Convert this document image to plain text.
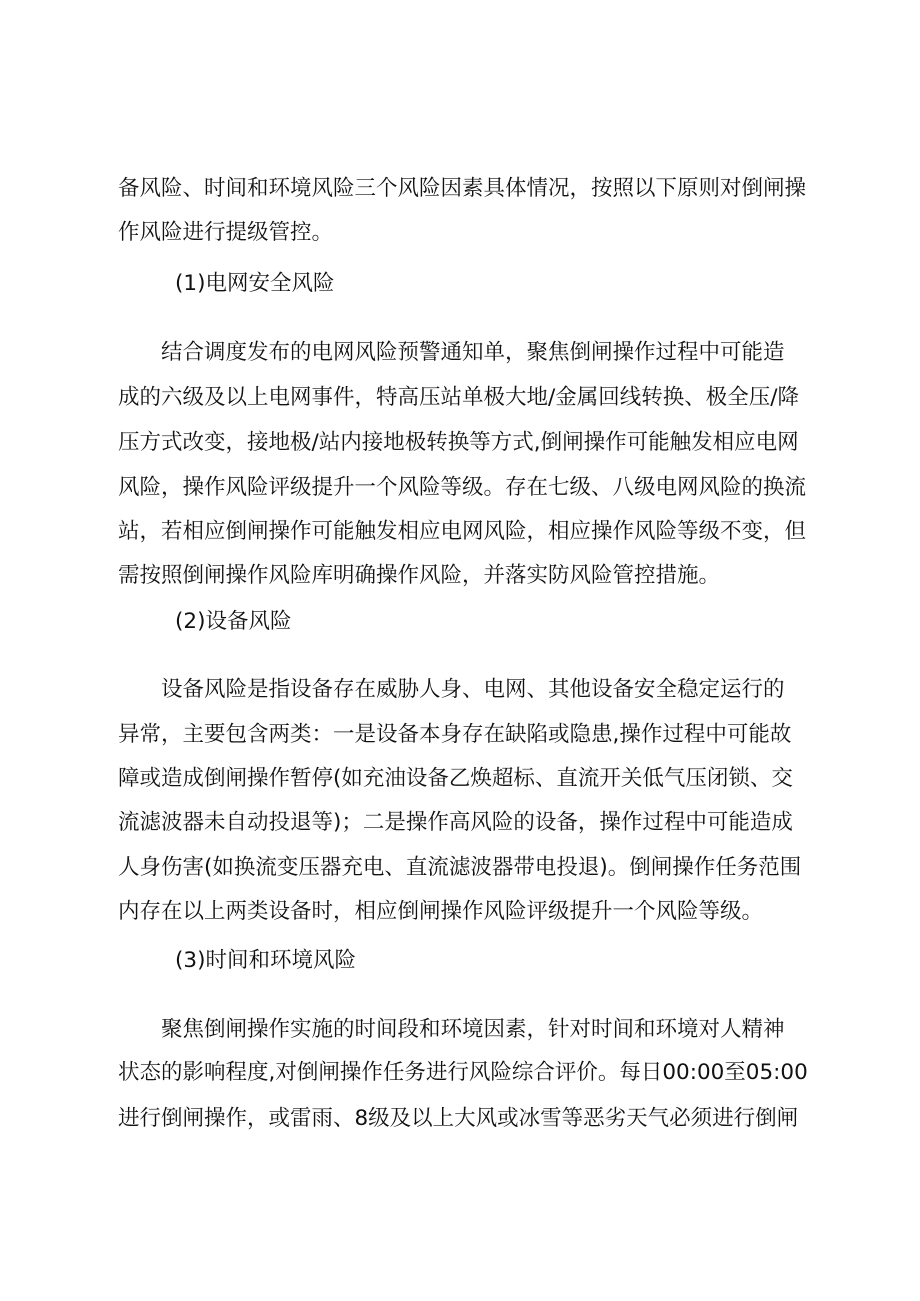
备风险、时间和环境风险三个风险因素具体情况，按照以下原则对倒闸操
作风险进行提级管控。
(1)电网安全风险
　　结合调度发布的电网风险预警通知单，聚焦倒闸操作过程中可能造
成的六级及以上电网事件，特高压站单极大地/金属回线转换、极全压/降
压方式改变，接地极/站内接地极转换等方式,倒闸操作可能触发相应电网
风险，操作风险评级提升一个风险等级。存在七级、八级电网风险的换流
站，若相应倒闸操作可能触发相应电网风险，相应操作风险等级不变，但
需按照倒闸操作风险库明确操作风险，并落实防风险管控措施。
(2)设备风险
　　设备风险是指设备存在威胁人身、电网、其他设备安全稳定运行的
异常，主要包含两类：一是设备本身存在缺陷或隐患,操作过程中可能故
障或造成倒闸操作暂停(如充油设备乙焕超标、直流开关低气压闭锁、交
流滤波器未自动投退等)；二是操作高风险的设备，操作过程中可能造成
人身伤害(如换流变压器充电、直流滤波器带电投退)。倒闸操作任务范围
内存在以上两类设备时，相应倒闸操作风险评级提升一个风险等级。
(3)时间和环境风险
　　聚焦倒闸操作实施的时间段和环境因素，针对时间和环境对人精神
状态的影响程度,对倒闸操作任务进行风险综合评价。每日00:00至05:00
进行倒闸操作，或雷雨、8级及以上大风或冰雪等恶劣天气必须进行倒闸
